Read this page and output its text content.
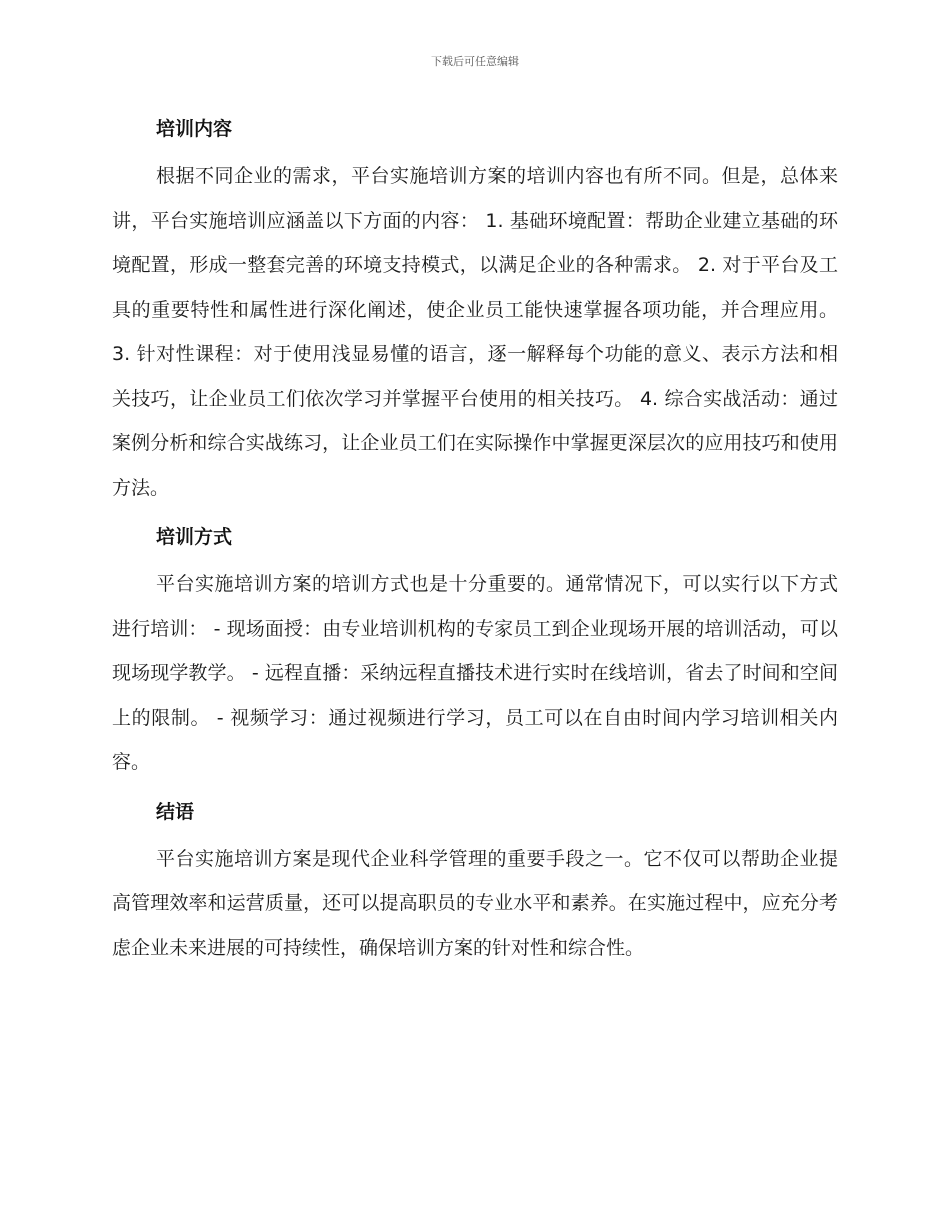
下载后可任意编辑
培训内容

根据不同企业的需求，平台实施培训方案的培训内容也有所不同。但是，总体来讲，平台实施培训应涵盖以下方面的内容： 1. 基础环境配置：帮助企业建立基础的环境配置，形成一整套完善的环境支持模式，以满足企业的各种需求。 2. 对于平台及工具的重要特性和属性进行深化阐述，使企业员工能快速掌握各项功能，并合理应用。 3. 针对性课程：对于使用浅显易懂的语言，逐一解释每个功能的意义、表示方法和相关技巧，让企业员工们依次学习并掌握平台使用的相关技巧。 4. 综合实战活动：通过案例分析和综合实战练习，让企业员工们在实际操作中掌握更深层次的应用技巧和使用方法。

培训方式

平台实施培训方案的培训方式也是十分重要的。通常情况下，可以实行以下方式进行培训： - 现场面授：由专业培训机构的专家员工到企业现场开展的培训活动，可以现场现学教学。 - 远程直播：采纳远程直播技术进行实时在线培训，省去了时间和空间上的限制。 - 视频学习：通过视频进行学习，员工可以在自由时间内学习培训相关内容。

结语

平台实施培训方案是现代企业科学管理的重要手段之一。它不仅可以帮助企业提高管理效率和运营质量，还可以提高职员的专业水平和素养。在实施过程中，应充分考虑企业未来进展的可持续性，确保培训方案的针对性和综合性。
